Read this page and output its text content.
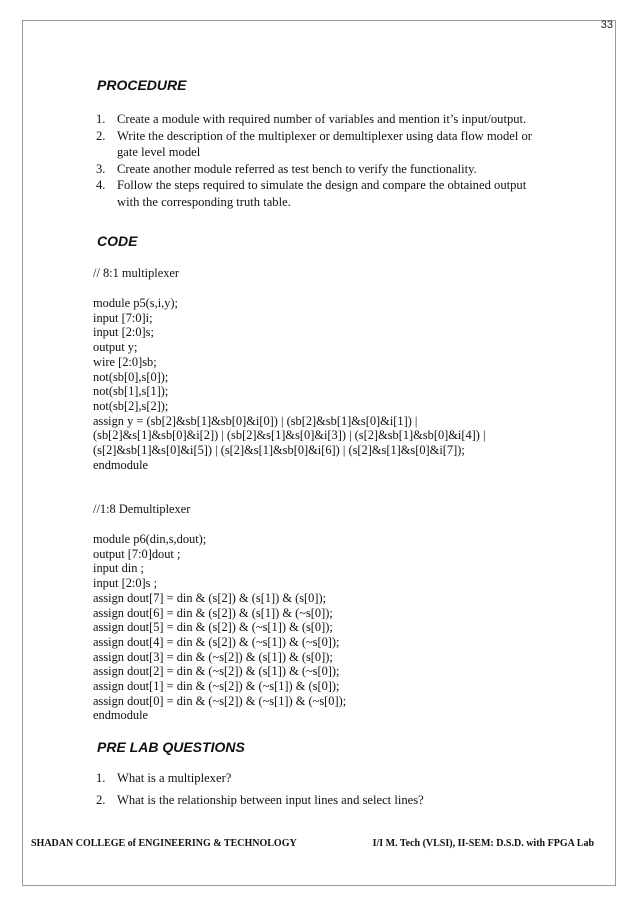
33
PROCEDURE
1. Create a module with required number of variables and mention it’s input/output.
2. Write the description of the multiplexer or demultiplexer using data flow model or gate level model
3. Create another module referred as test bench to verify the functionality.
4. Follow the steps required to simulate the design and compare the obtained output with the corresponding truth table.
CODE
// 8:1 multiplexer
module p5(s,i,y);
input [7:0]i;
input [2:0]s;
output y;
wire [2:0]sb;
not(sb[0],s[0]);
not(sb[1],s[1]);
not(sb[2],s[2]);
assign y = (sb[2]&sb[1]&sb[0]&i[0]) | (sb[2]&sb[1]&s[0]&i[1]) |
(sb[2]&s[1]&sb[0]&i[2]) | (sb[2]&s[1]&s[0]&i[3]) | (s[2]&sb[1]&sb[0]&i[4]) |
(s[2]&sb[1]&s[0]&i[5]) | (s[2]&s[1]&sb[0]&i[6]) | (s[2]&s[1]&s[0]&i[7]);
endmodule
//1:8 Demultiplexer
module p6(din,s,dout);
output [7:0]dout ;
input din ;
input [2:0]s ;
assign dout[7] = din & (s[2]) & (s[1]) & (s[0]);
assign dout[6] = din & (s[2]) & (s[1]) & (~s[0]);
assign dout[5] = din & (s[2]) & (~s[1]) & (s[0]);
assign dout[4] = din & (s[2]) & (~s[1]) & (~s[0]);
assign dout[3] = din & (~s[2]) & (s[1]) & (s[0]);
assign dout[2] = din & (~s[2]) & (s[1]) & (~s[0]);
assign dout[1] = din & (~s[2]) & (~s[1]) & (s[0]);
assign dout[0] = din & (~s[2]) & (~s[1]) & (~s[0]);
endmodule
PRE LAB QUESTIONS
1. What is a multiplexer?
2. What is the relationship between input lines and select lines?
SHADAN COLLEGE of ENGINEERING & TECHNOLOGY	I/I M. Tech (VLSI), II-SEM: D.S.D. with FPGA Lab
